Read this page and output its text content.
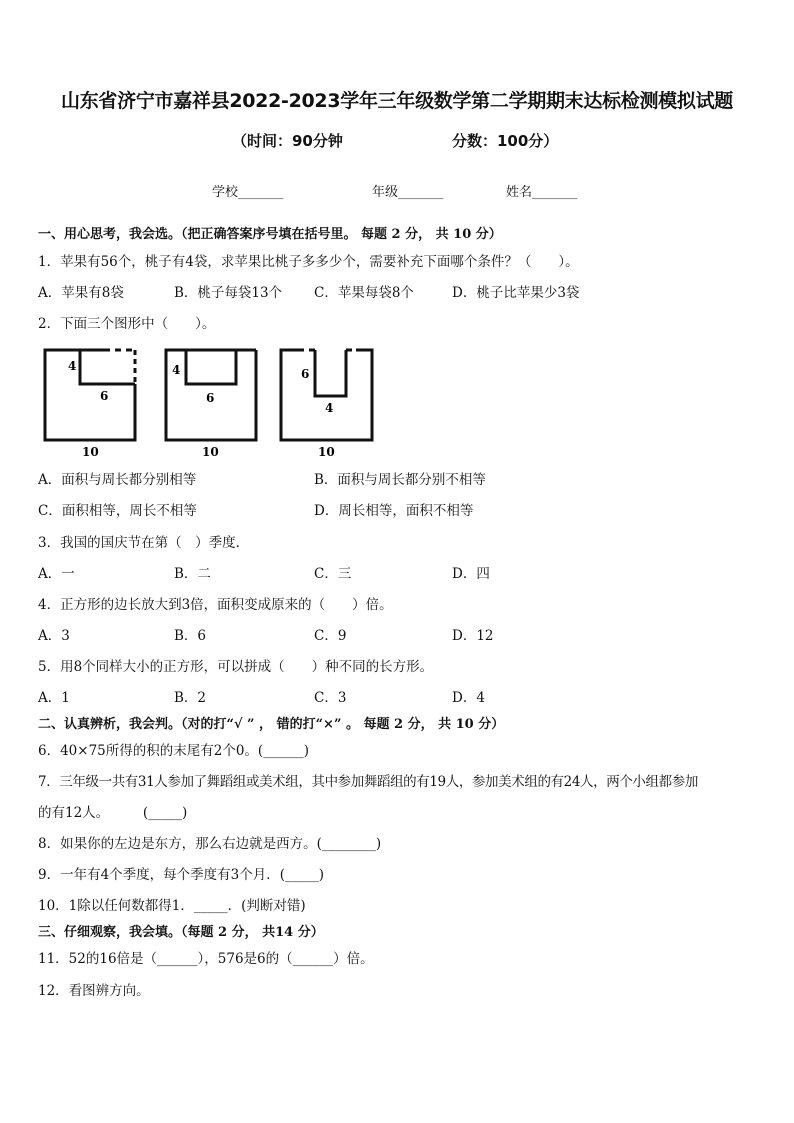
山东省济宁市嘉祥县2022-2023学年三年级数学第二学期期末达标检测模拟试题
（时间：90分钟	分数：100分）
学校_______	年级_______	姓名_______
一、用心思考，我会选。（把正确答案序号填在括号里。 每题 2 分， 共 10 分）
1．苹果有56个，桃子有4袋，求苹果比桃子多多少个，需要补充下面哪个条件？（　　）。
A．苹果有8袋	B．桃子每袋13个 C．苹果每袋8个	D．桃子比苹果少3袋
2．下面三个图形中（　　）。
4
6
10
4
6
10
6
4
10
A．面积与周长都分别相等	B．面积与周长都分别不相等
C．面积相等，周长不相等	D．周长相等，面积不相等
3．我国的国庆节在第（　）季度．
A．一	B．二	C．三	D．四
4．正方形的边长放大到3倍，面积变成原来的（　　）倍。
A．3	B．6	C．9	D．12
5．用8个同样大小的正方形，可以拼成（　　）种不同的长方形。
A．1	B．2	C．3	D．4
二、认真辨析，我会判。（对的打“√ ” ， 错的打“×” 。 每题 2 分， 共 10 分）
6．40×75所得的积的末尾有2个0。(______)
7．三年级一共有31人参加了舞蹈组或美术组，其中参加舞蹈组的有19人，参加美术组的有24人，两个小组都参加
的有12人。　　　(_____)
8．如果你的左边是东方，那么右边就是西方。(________)
9．一年有4个季度，每个季度有3个月．(_____)
10．1除以任何数都得1．_____．(判断对错)
三、仔细观察，我会填。（每题 2 分， 共14 分）
11．52的16倍是（______），576是6的（______）倍。
12．看图辨方向。
